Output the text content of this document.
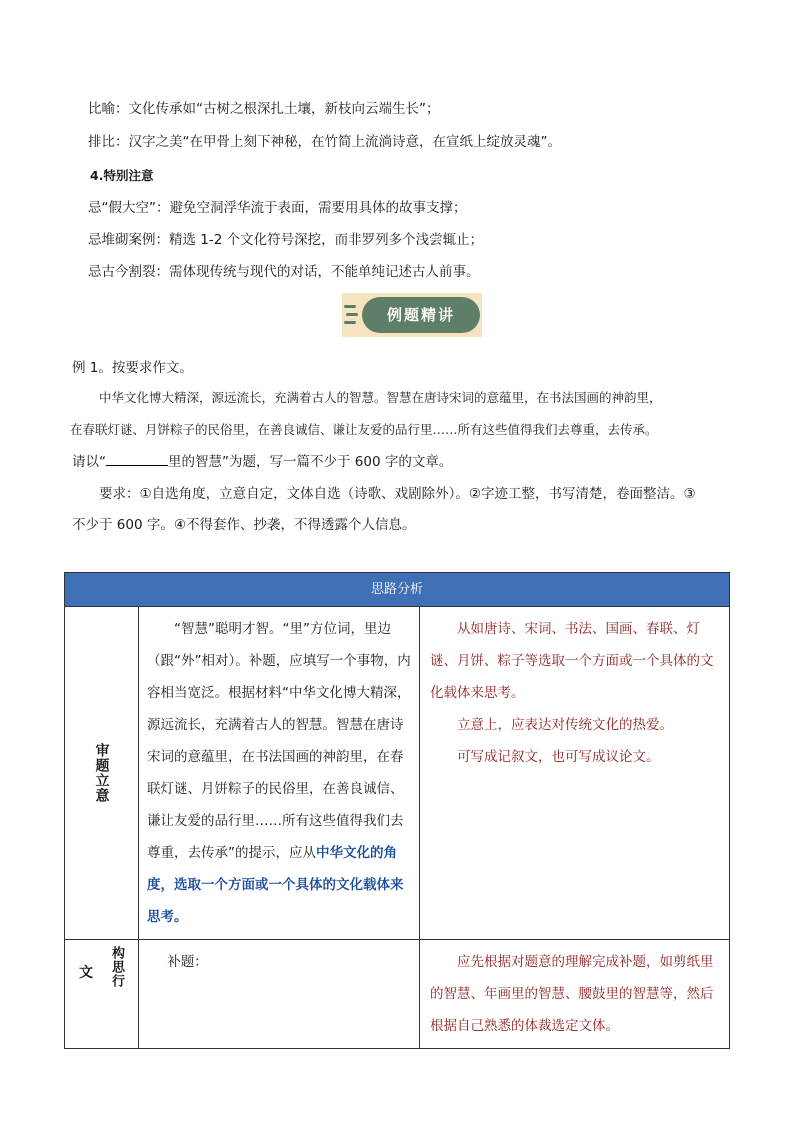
比喻：文化传承如“古树之根深扎土壤，新枝向云端生长”；
排比：汉字之美“在甲骨上刻下神秘，在竹简上流淌诗意，在宣纸上绽放灵魂”。
4.特别注意
忌“假大空”：避免空洞浮华流于表面，需要用具体的故事支撑；
忌堆砌案例：精选 1-2 个文化符号深挖，而非罗列多个浅尝辄止；
忌古今割裂：需体现传统与现代的对话，不能单纯记述古人前事。
例题精讲
例 1。按要求作文。
中华文化博大精深，源远流长，充满着古人的智慧。智慧在唐诗宋词的意蕴里，在书法国画的神韵里，
在春联灯谜、月饼粽子的民俗里，在善良诚信、谦让友爱的品行里……所有这些值得我们去尊重，去传承。
请以“	里的智慧”为题，写一篇不少于 600 字的文章。
要求：①自选角度，立意自定，文体自选（诗歌、戏剧除外）。②字迹工整，书写清楚，卷面整洁。③
不少于 600 字。④不得套作、抄袭，不得透露个人信息。
思路分析		

审题立意	“智慧”聪明才智。“里”方位词，里边（跟“外”相对）。补题，应填写一个事物，内容相当宽泛。根据材料“中华文化博大精深，源远流长，充满着古人的智慧。智慧在唐诗宋词的意蕴里，在书法国画的神韵里，在春联灯谜、月饼粽子的民俗里，在善良诚信、谦让友爱的品行里……所有这些值得我们去尊重，去传承”的提示，应从中华文化的角度，选取一个方面或一个具体的文化载体来思考。	从如唐诗、宋词、书法、国画、春联、灯谜、月饼、粽子等选取一个方面或一个具体的文化载体来思考。

立意上，应表达对传统文化的热爱。

可写成记叙文，也可写成议论文。

文 构思行	补题：	应先根据对题意的理解完成补题，如剪纸里的智慧、年画里的智慧、腰鼓里的智慧等，然后根据自己熟悉的体裁选定文体。
